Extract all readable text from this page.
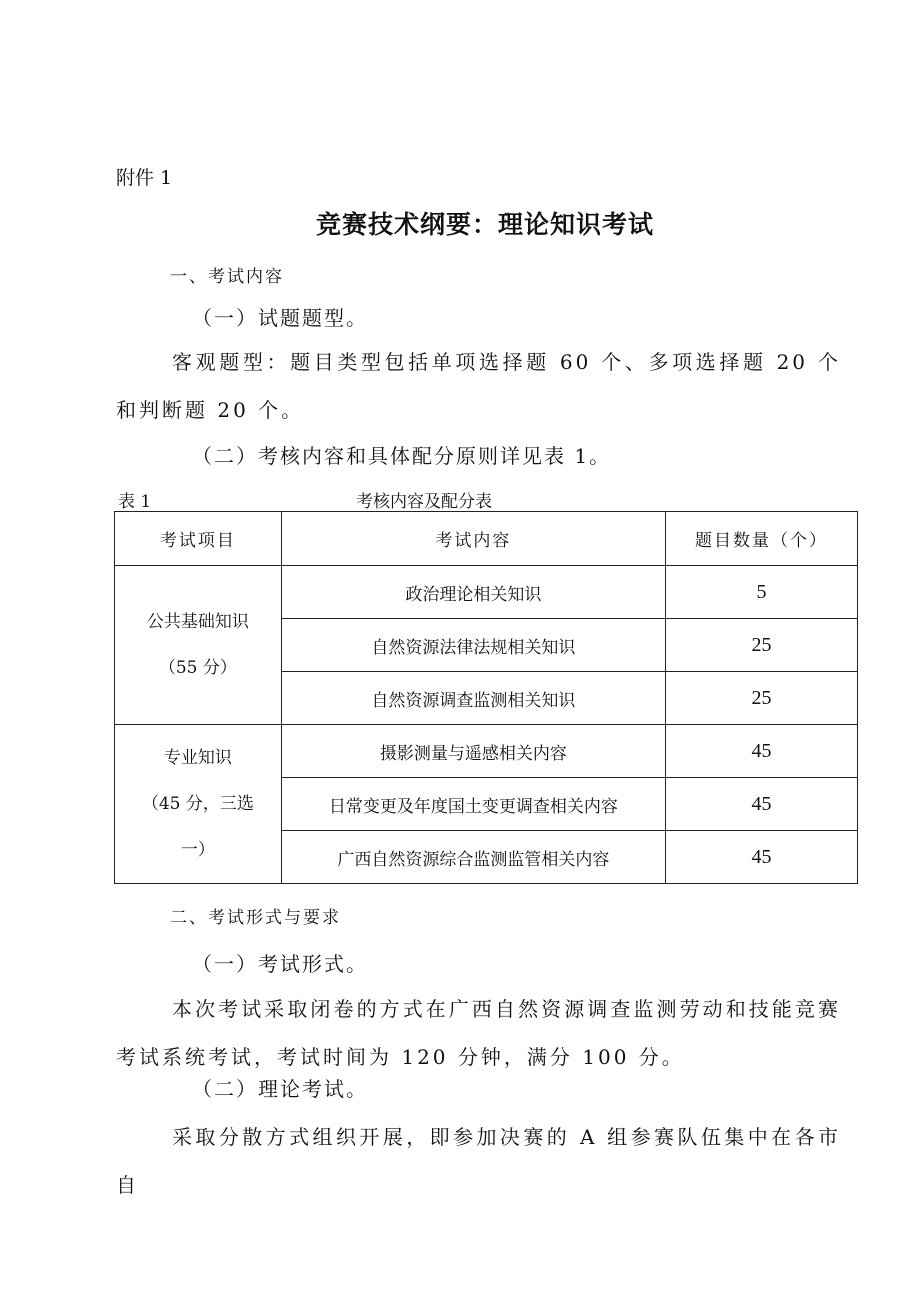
附件 1
竞赛技术纲要：理论知识考试
一、考试内容
（一）试题题型。
客观题型：题目类型包括单项选择题 60 个、多项选择题 20 个和判断题 20 个。
（二）考核内容和具体配分原则详见表 1。
表 1	考核内容及配分表
考试项目	考试内容	题目数量（个）

公共基础知识
（55 分）	政治理论相关知识	5
	自然资源法律法规相关知识	25
	自然资源调查监测相关知识	25

专业知识
（45 分，三选一）	摄影测量与遥感相关内容	45
	日常变更及年度国土变更调查相关内容	45
	广西自然资源综合监测监管相关内容	45
二、考试形式与要求
（一）考试形式。
本次考试采取闭卷的方式在广西自然资源调查监测劳动和技能竞赛考试系统考试，考试时间为 120 分钟，满分 100 分。
（二）理论考试。
采取分散方式组织开展，即参加决赛的 A 组参赛队伍集中在各市自
